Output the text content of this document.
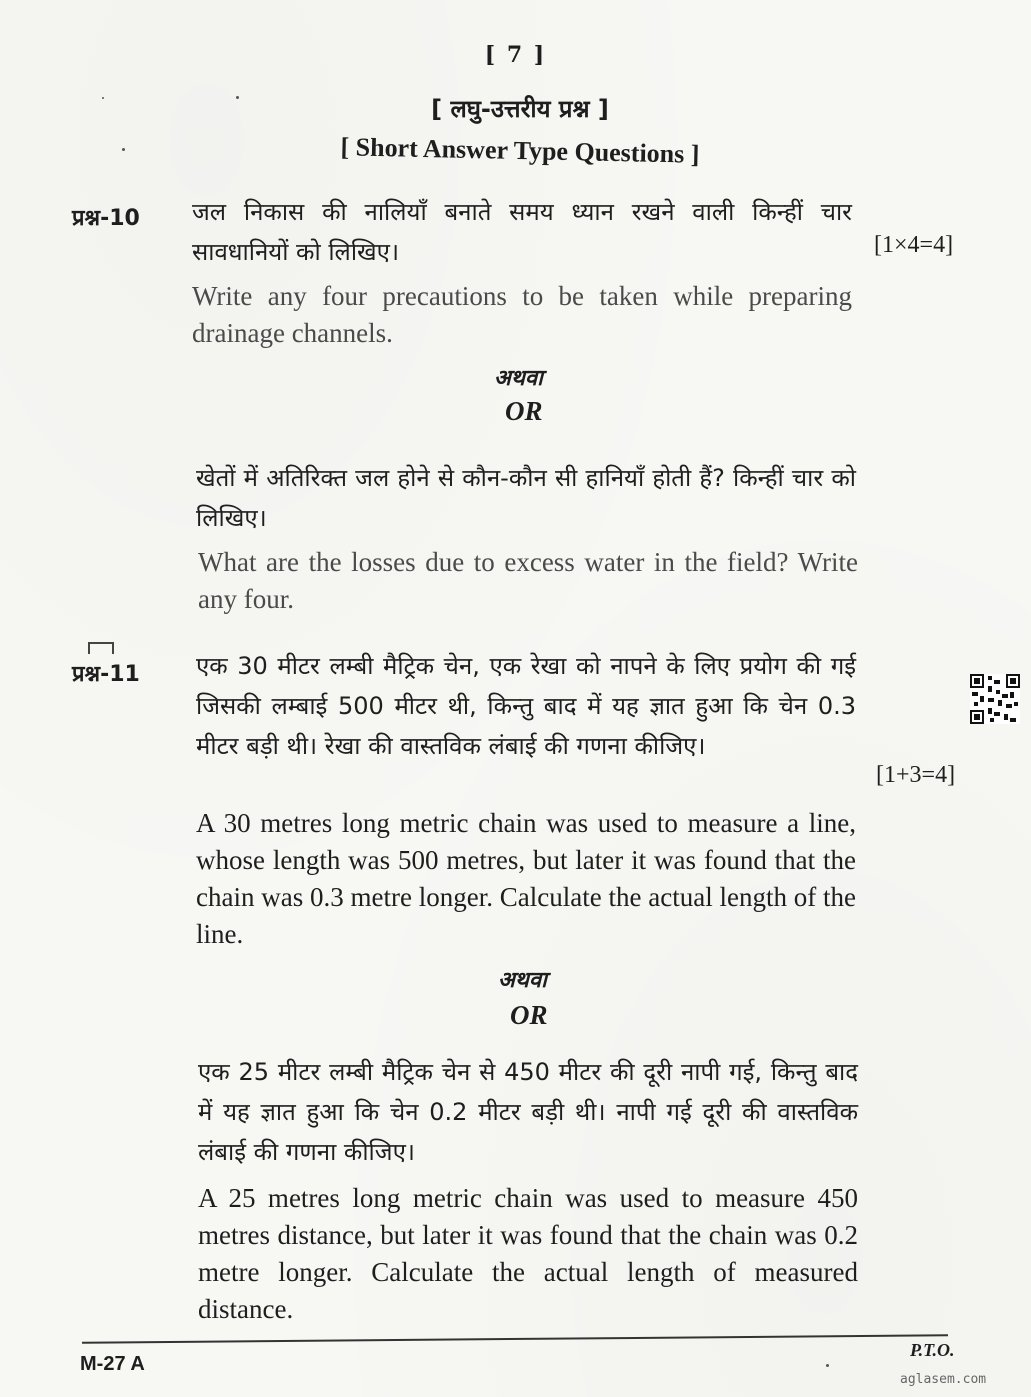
[ 7 ]
[ लघु-उत्तरीय प्रश्न ]
[ Short Answer Type Questions ]
प्रश्न-10 जल निकास की नालियाँ बनाते समय ध्यान रखने वाली किन्हीं चार सावधानियों को लिखिए।	[1×4=4]
Write any four precautions to be taken while preparing drainage channels.
अथवा
OR
खेतों में अतिरिक्त जल होने से कौन-कौन सी हानियाँ होती हैं? किन्हीं चार को लिखिए।
What are the losses due to excess water in the field? Write any four.
प्रश्न-11 एक 30 मीटर लम्बी मैट्रिक चेन, एक रेखा को नापने के लिए प्रयोग की गई जिसकी लम्बाई 500 मीटर थी, किन्तु बाद में यह ज्ञात हुआ कि चेन 0.3 मीटर बड़ी थी। रेखा की वास्तविक लंबाई की गणना कीजिए।
[1+3=4]
A 30 metres long metric chain was used to measure a line, whose length was 500 metres, but later it was found that the chain was 0.3 metre longer. Calculate the actual length of the line.
अथवा
OR
एक 25 मीटर लम्बी मैट्रिक चेन से 450 मीटर की दूरी नापी गई, किन्तु बाद में यह ज्ञात हुआ कि चेन 0.2 मीटर बड़ी थी। नापी गई दूरी की वास्तविक लंबाई की गणना कीजिए।
A 25 metres long metric chain was used to measure 450 metres distance, but later it was found that the chain was 0.2 metre longer. Calculate the actual length of measured distance.
M-27 A
P.T.O.
aglasem.com
